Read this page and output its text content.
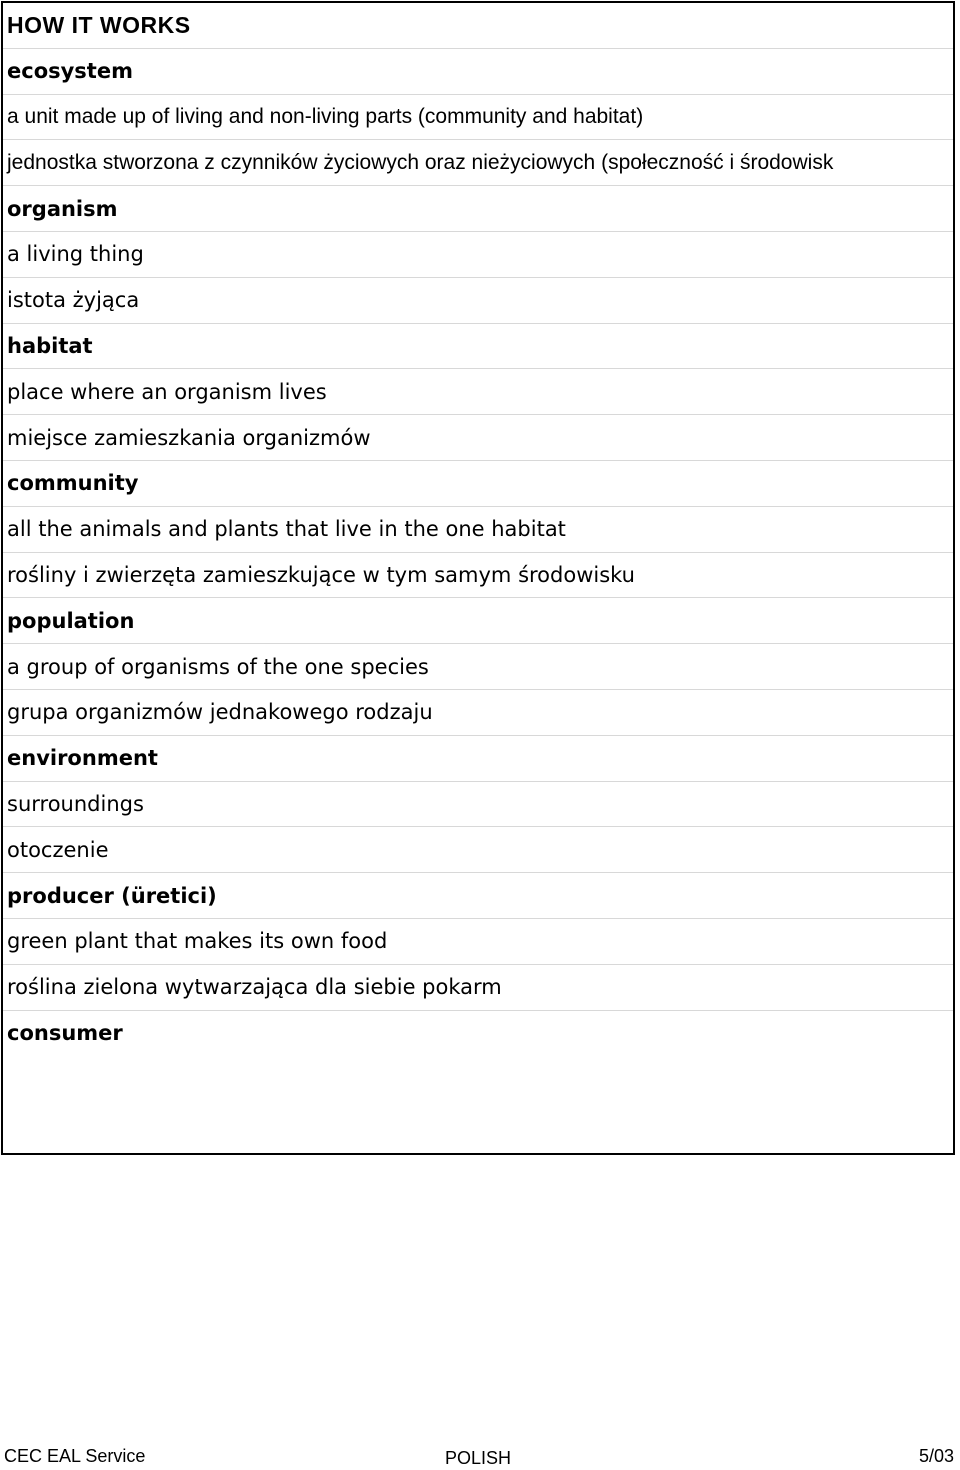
HOW IT WORKS
ecosystem
a unit made up of living and non-living parts (community and habitat)
jednostka stworzona z czynników życiowych oraz nieżyciowych (społeczność i środowisk
organism
a living thing
istota żyjąca
habitat
place where an organism lives
miejsce zamieszkania organizmów
community
all the animals and plants that live in the one habitat
rośliny i zwierzęta zamieszkujące w tym samym środowisku
population
a group of organisms of the one species
grupa organizmów jednakowego rodzaju
environment
surroundings
otoczenie
producer (üretici)
green plant that makes its own food
roślina zielona wytwarzająca dla siebie pokarm
consumer
CEC EAL Service	POLISH	5/03
